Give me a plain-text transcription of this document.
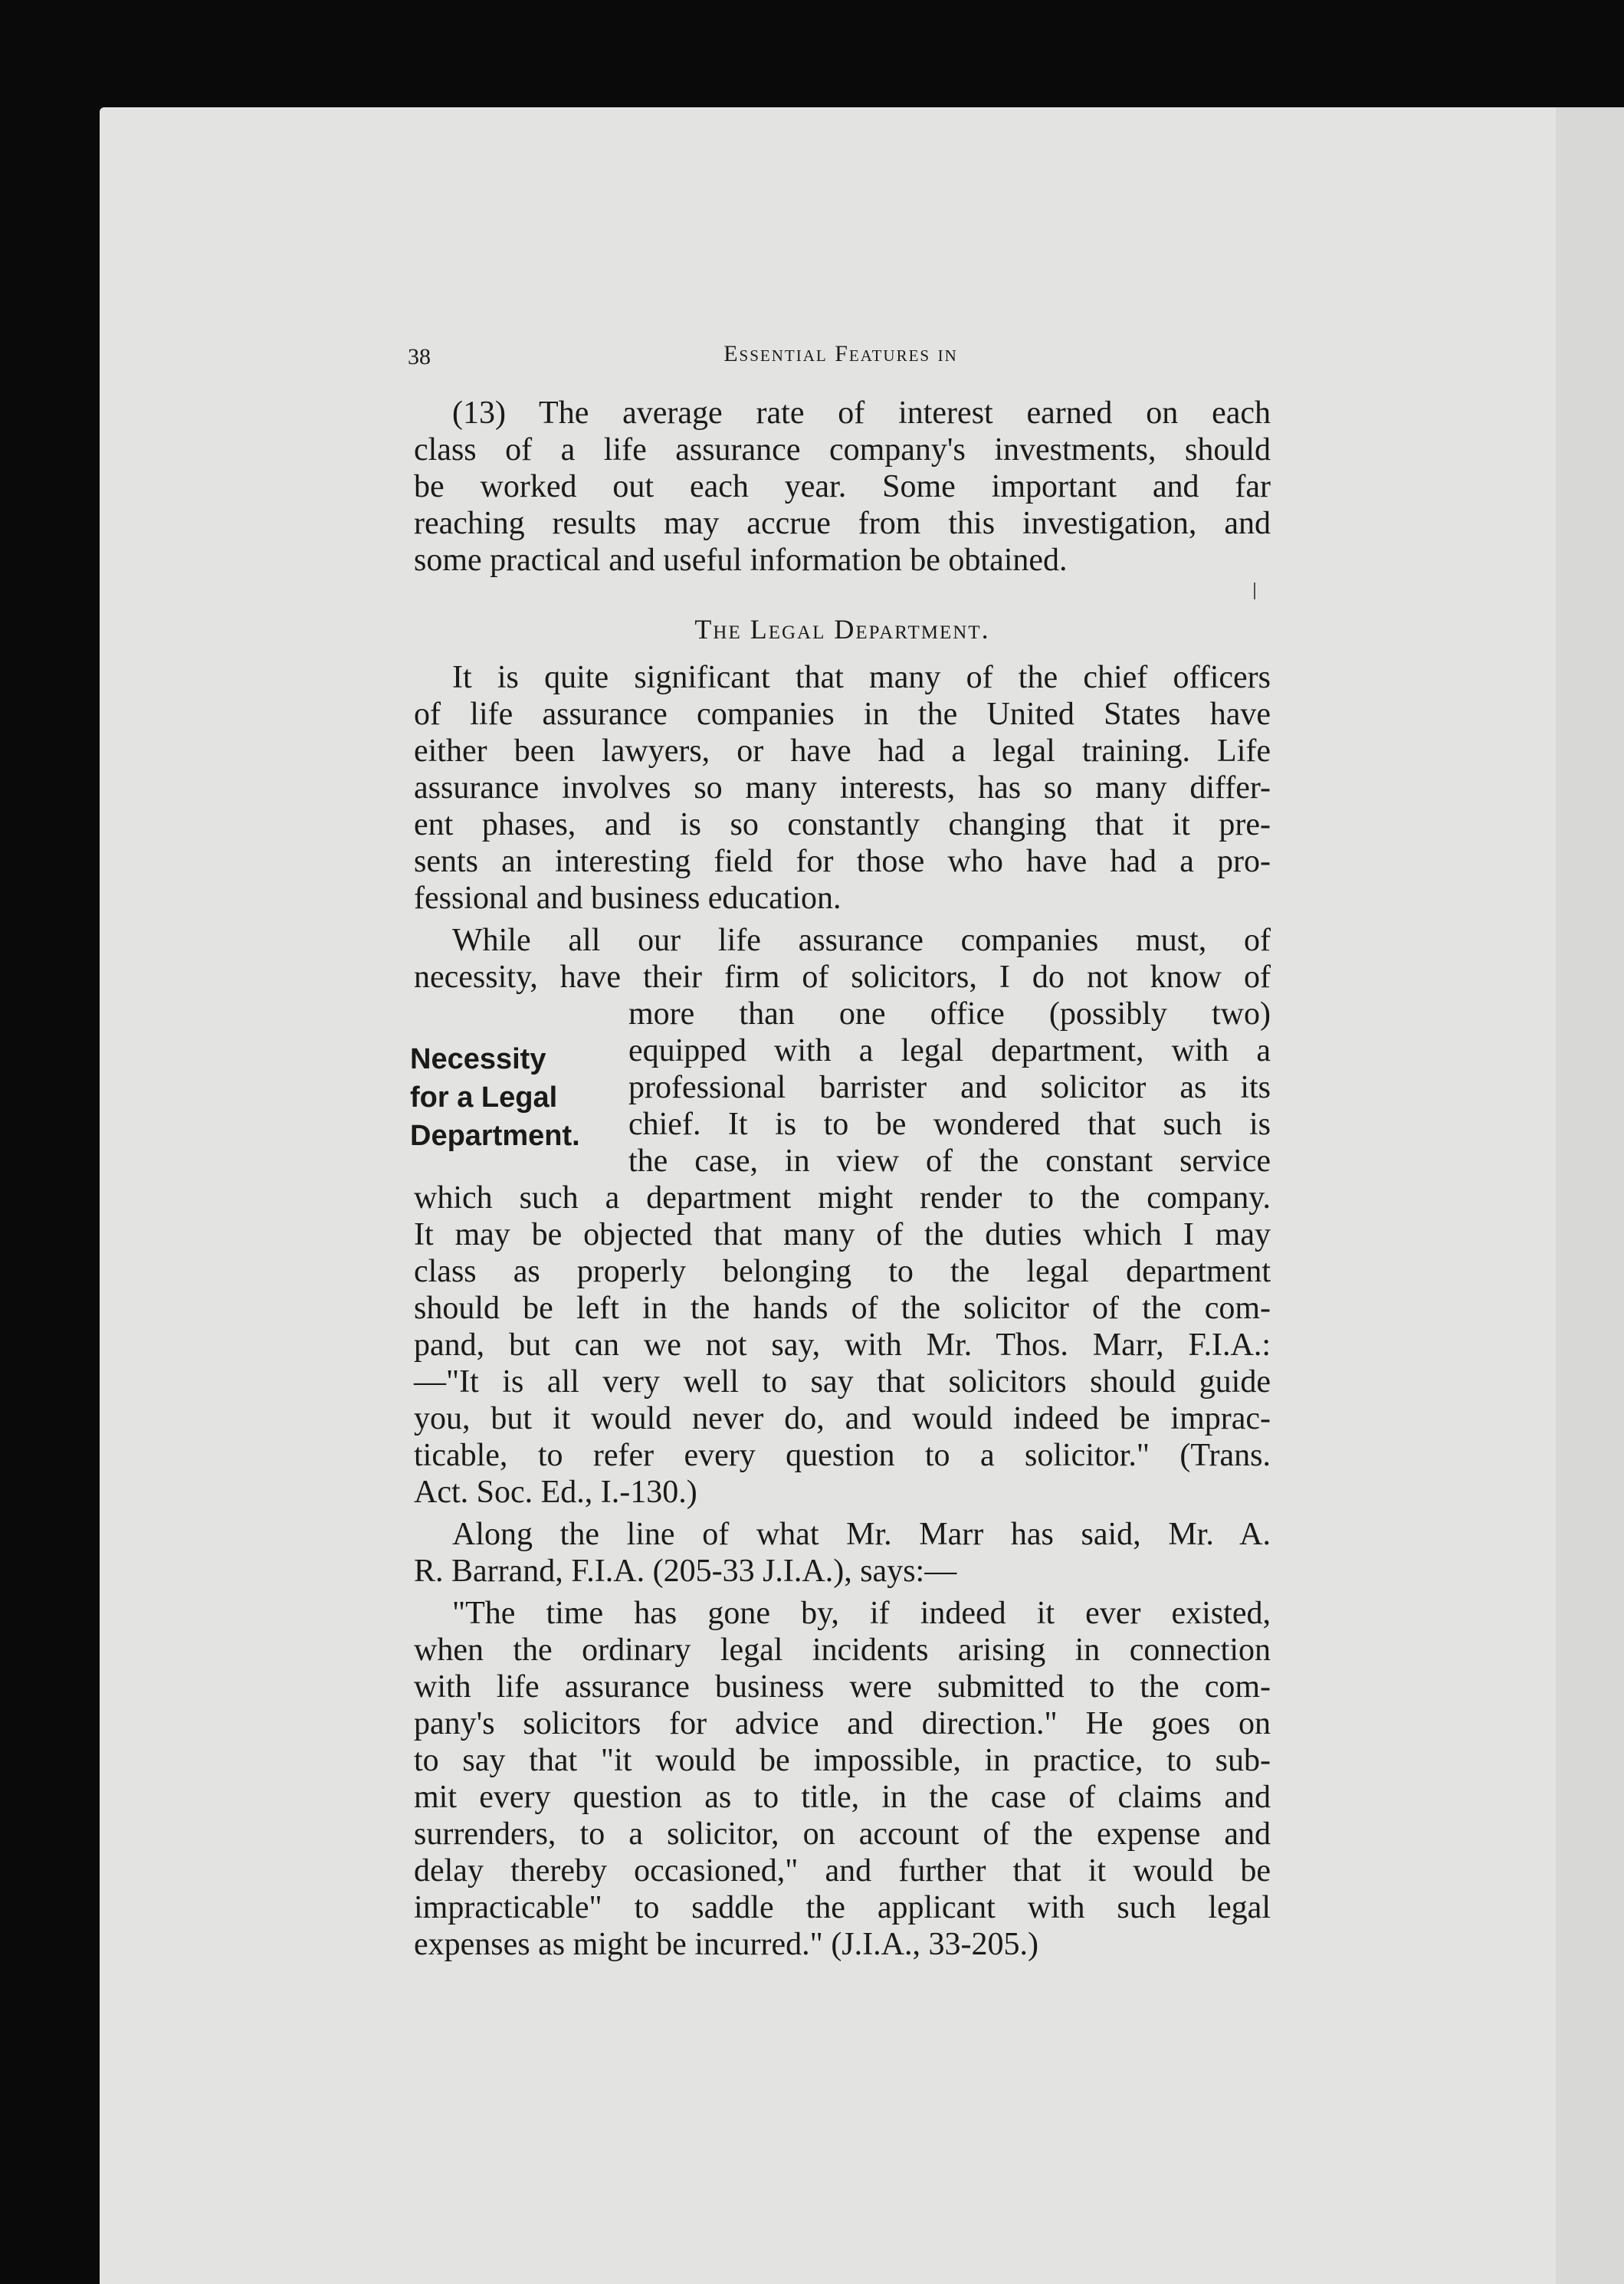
38	Essential Features in
(13) The average rate of interest earned on each
class of a life assurance company's investments, should
be worked out each year. Some important and far
reaching results may accrue from this investigation, and
some practical and useful information be obtained.
The Legal Department.
It is quite significant that many of the chief officers
of life assurance companies in the United States have
either been lawyers, or have had a legal training. Life
assurance involves so many interests, has so many differ-
ent phases, and is so constantly changing that it pre-
sents an interesting field for those who have had a pro-
fessional and business education.
While all our life assurance companies must, of
necessity, have their firm of solicitors, I do not know of
more than one office (possibly two)
equipped with a legal department, with a
professional barrister and solicitor as its
chief. It is to be wondered that such is
the case, in view of the constant service
Necessity
for a Legal
Department.
which such a department might render to the company.
It may be objected that many of the duties which I may
class as properly belonging to the legal department
should be left in the hands of the solicitor of the com-
pand, but can we not say, with Mr. Thos. Marr, F.I.A.:
—"It is all very well to say that solicitors should guide
you, but it would never do, and would indeed be imprac-
ticable, to refer every question to a solicitor." (Trans.
Act. Soc. Ed., I.-130.)
Along the line of what Mr. Marr has said, Mr. A.
R. Barrand, F.I.A. (205-33 J.I.A.), says:—
"The time has gone by, if indeed it ever existed,
when the ordinary legal incidents arising in connection
with life assurance business were submitted to the com-
pany's solicitors for advice and direction." He goes on
to say that "it would be impossible, in practice, to sub-
mit every question as to title, in the case of claims and
surrenders, to a solicitor, on account of the expense and
delay thereby occasioned," and further that it would be
impracticable" to saddle the applicant with such legal
expenses as might be incurred." (J.I.A., 33-205.)
